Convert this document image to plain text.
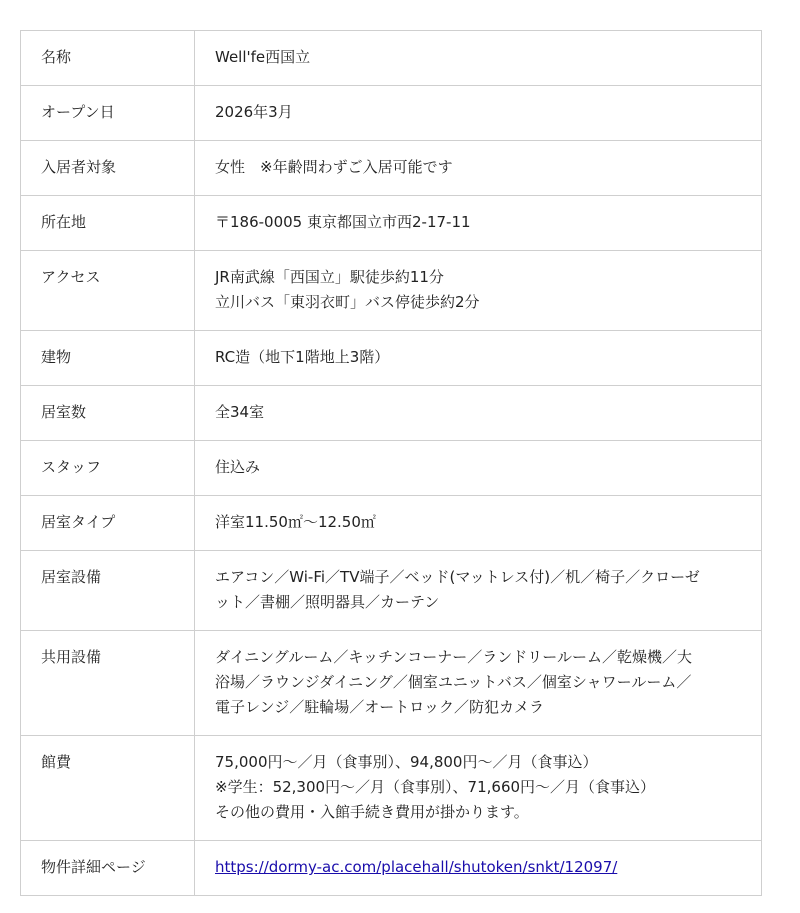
名称	Well'fe西国立

オープン日	2026年3月

入居者対象	女性　※年齢問わずご入居可能です

所在地	〒186-0005 東京都国立市西2-17-11

アクセス	JR南武線「西国立」駅徒歩約11分
立川バス「東羽衣町」バス停徒歩約2分

建物	RC造（地下1階地上3階）

居室数	全34室

スタッフ	住込み

居室タイプ	洋室11.50㎡～12.50㎡

居室設備	エアコン／Wi-Fi／TV端子／ベッド(マットレス付)／机／椅子／クローゼ
ット／書棚／照明器具／カーテン

共用設備	ダイニングルーム／キッチンコーナー／ランドリールーム／乾燥機／大
浴場／ラウンジダイニング／個室ユニットバス／個室シャワールーム／
電子レンジ／駐輪場／オートロック／防犯カメラ

館費	75,000円～／月（食事別）、94,800円～／月（食事込）
※学生：52,300円～／月（食事別）、71,660円～／月（食事込）
その他の費用・入館手続き費用が掛かります。

物件詳細ページ	https://dormy-ac.com/placehall/shutoken/snkt/12097/
